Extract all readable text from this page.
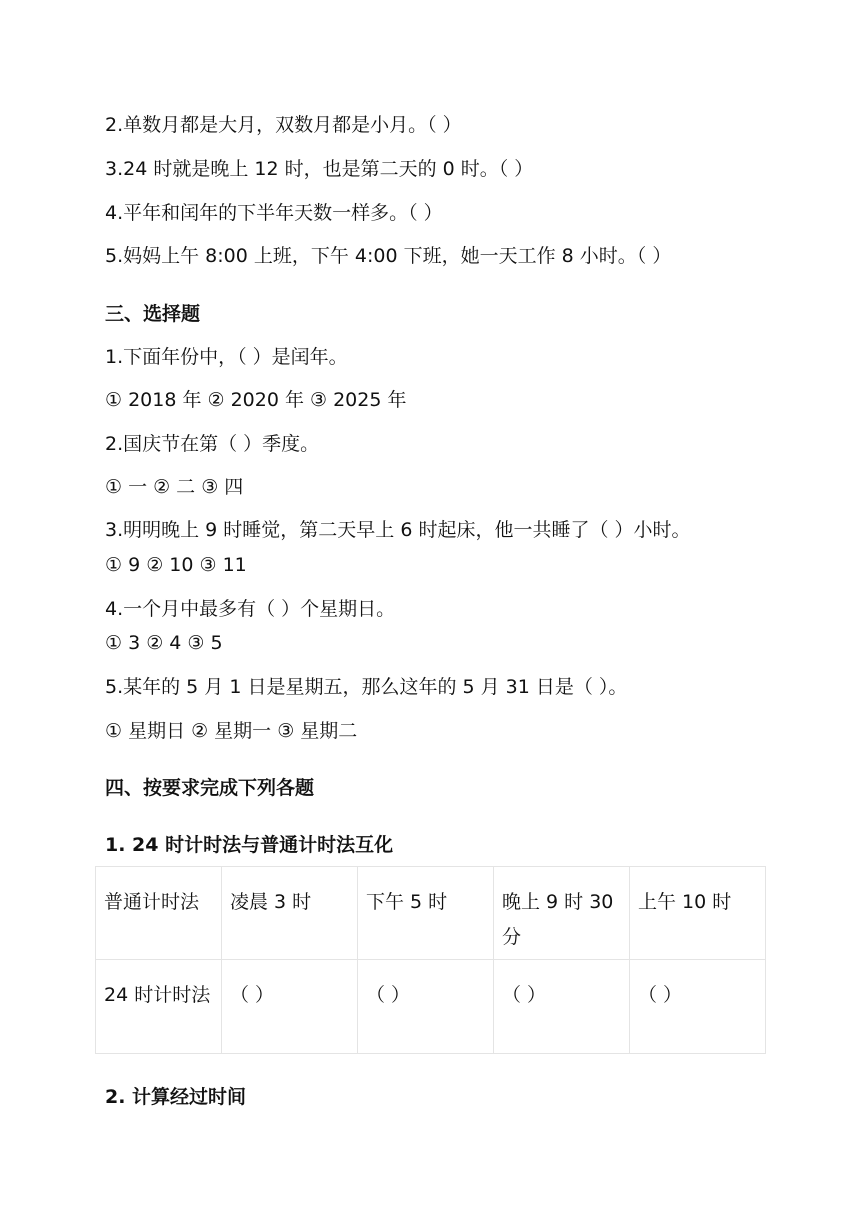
2.单数月都是大月，双数月都是小月。（ ）
3.24 时就是晚上 12 时，也是第二天的 0 时。（ ）
4.平年和闰年的下半年天数一样多。（ ）
5.妈妈上午 8:00 上班，下午 4:00 下班，她一天工作 8 小时。（ ）
三、选择题
1.下面年份中，（ ）是闰年。
① 2018 年 ② 2020 年 ③ 2025 年
2.国庆节在第（ ）季度。
① 一 ② 二 ③ 四
3.明明晚上 9 时睡觉，第二天早上 6 时起床，他一共睡了（ ）小时。
① 9 ② 10 ③ 11
4.一个月中最多有（ ）个星期日。
① 3 ② 4 ③ 5
5.某年的 5 月 1 日是星期五，那么这年的 5 月 31 日是（ ）。
① 星期日 ② 星期一 ③ 星期二
四、按要求完成下列各题
1. 24 时计时法与普通计时法互化
普通计时法	凌晨 3 时	下午 5 时	晚上 9 时 30 分	上午 10 时
24 时计时法	（ ）	（ ）	（ ）	（ ）
2. 计算经过时间
